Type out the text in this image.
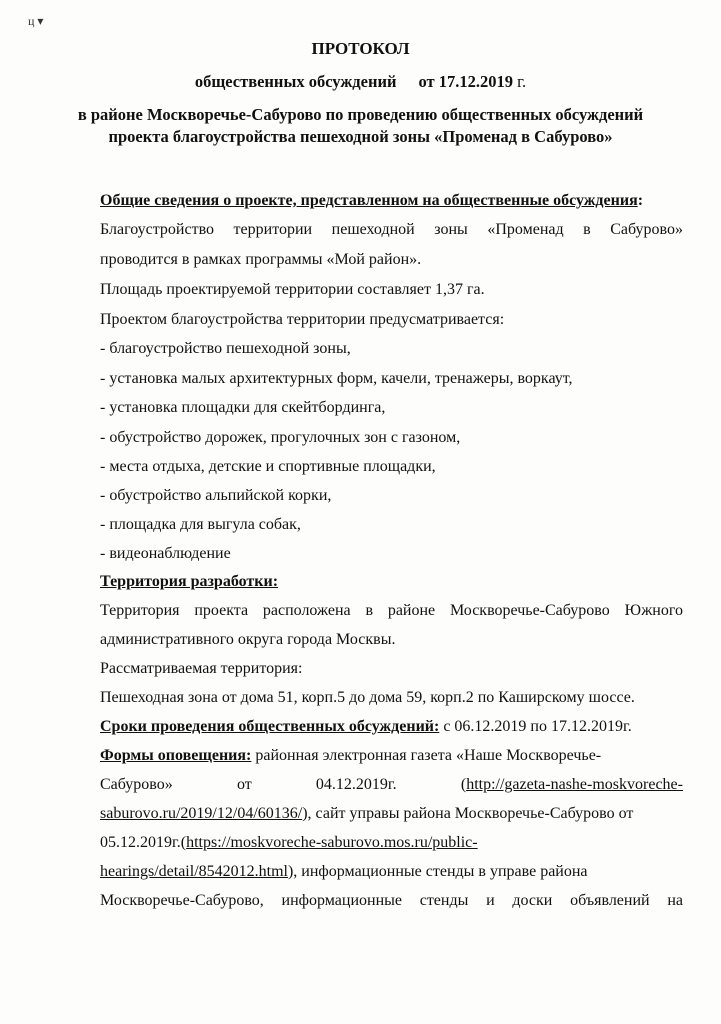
ц ▾
ПРОТОКОЛ
общественных обсуждений от 17.12.2019 г.
в районе Москворечье-Сабурово по проведению общественных обсуждений
проекта благоустройства пешеходной зоны «Променад в Сабурово»
Общие сведения о проекте, представленном на общественные обсуждения:
Благоустройство территории пешеходной зоны «Променад в Сабурово»
проводится в рамках программы «Мой район».
Площадь проектируемой территории составляет 1,37 га.
Проектом благоустройства территории предусматривается:
- благоустройство пешеходной зоны,
- установка малых архитектурных форм, качели, тренажеры, воркаут,
- установка площадки для скейтбординга,
- обустройство дорожек, прогулочных зон с газоном,
- места отдыха, детские и спортивные площадки,
- обустройство альпийской корки,
- площадка для выгула собак,
- видеонаблюдение
Территория разработки:
Территория проекта расположена в районе Москворечье-Сабурово Южного
административного округа города Москвы.
Рассматриваемая территория:
Пешеходная зона от дома 51, корп.5 до дома 59, корп.2 по Каширскому шоссе.
Сроки проведения общественных обсуждений: с 06.12.2019 по 17.12.2019г.
Формы оповещения: районная электронная газета «Наше Москворечье-
Сабурово»	от	04.12.2019г.	(http://gazeta-nashe-moskvoreche-
saburovo.ru/2019/12/04/60136/), сайт управы района Москворечье-Сабурово от
05.12.2019г.(https://moskvoreche-saburovo.mos.ru/public-
hearings/detail/8542012.html), информационные стенды в управе района
Москворечье-Сабурово, информационные стенды и доски объявлений на
